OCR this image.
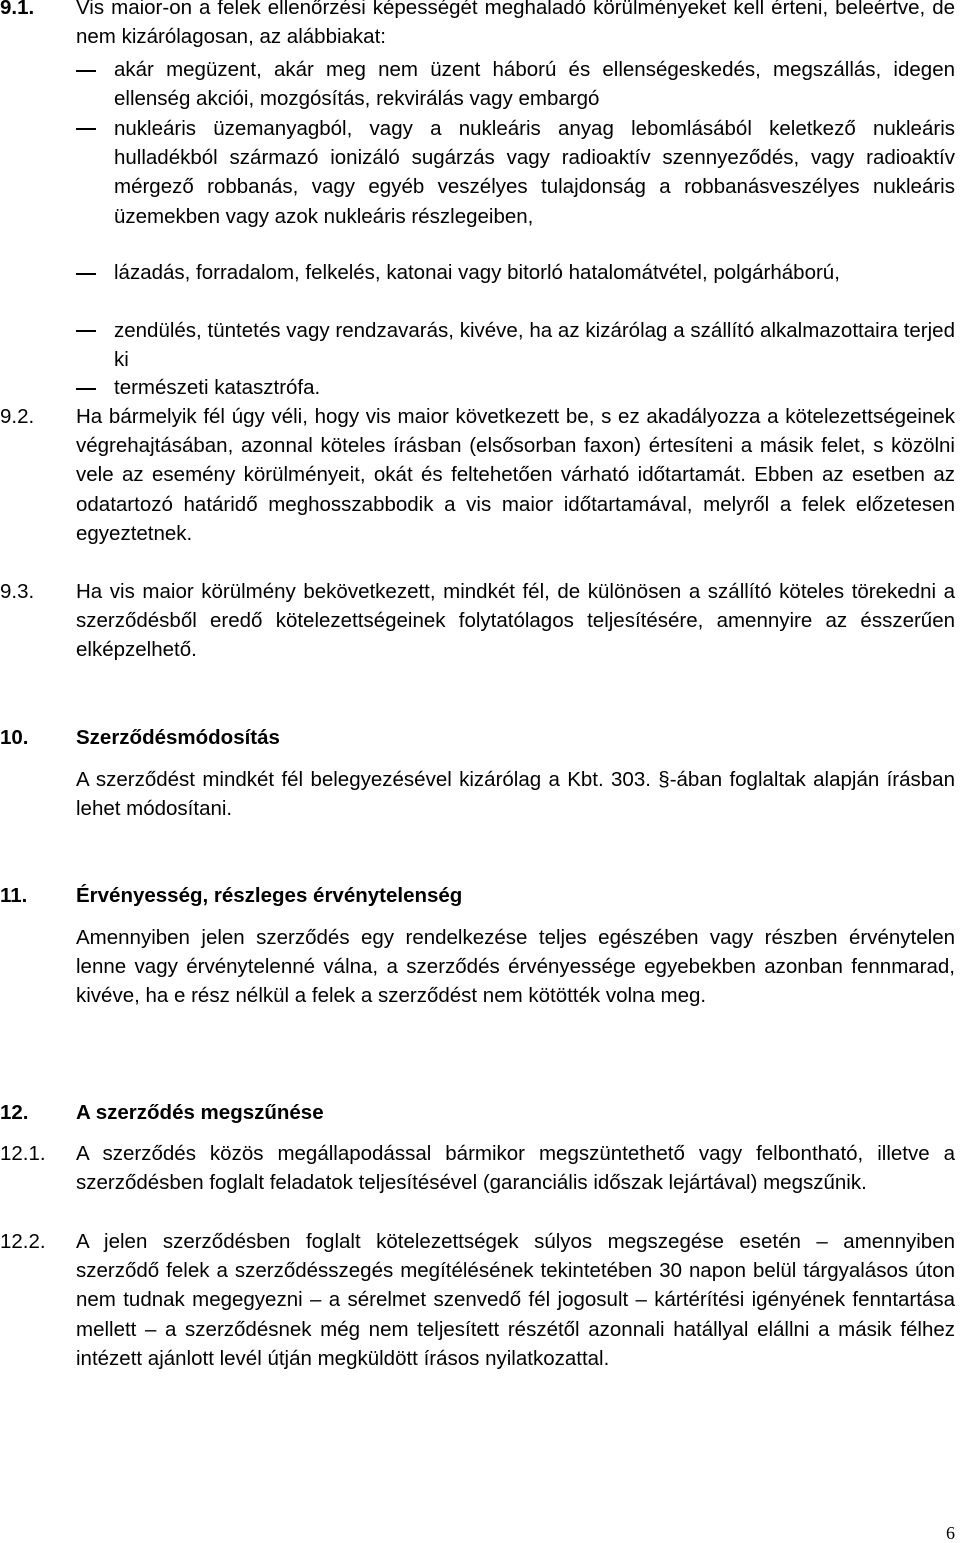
9.1. Vis maior-on a felek ellenőrzési képességét meghaladó körülményeket kell érteni, beleértve, de nem kizárólagosan, az alábbiakat:
akár megüzent, akár meg nem üzent háború és ellenségeskedés, megszállás, idegen ellenség akciói, mozgósítás, rekvirálás vagy embargó
nukleáris üzemanyagból, vagy a nukleáris anyag lebomlásából keletkező nukleáris hulladékból származó ionizáló sugárzás vagy radioaktív szennyeződés, vagy radioaktív mérgező robbanás, vagy egyéb veszélyes tulajdonság a robbanásveszélyes nukleáris üzemekben vagy azok nukleáris részlegeiben,
lázadás, forradalom, felkelés, katonai vagy bitorló hatalomátvétel, polgárháború,
zendülés, tüntetés vagy rendzavarás, kivéve, ha az kizárólag a szállító alkalmazottaira terjed ki
természeti katasztrófa.
9.2. Ha bármelyik fél úgy véli, hogy vis maior következett be, s ez akadályozza a kötelezettségeinek végrehajtásában, azonnal köteles írásban (elsősorban faxon) értesíteni a másik felet, s közölni vele az esemény körülményeit, okát és feltehetően várható időtartamát. Ebben az esetben az odatartozó határidő meghosszabbodik a vis maior időtartamával, melyről a felek előzetesen egyeztetnek.
9.3. Ha vis maior körülmény bekövetkezett, mindkét fél, de különösen a szállító köteles törekedni a szerződésből eredő kötelezettségeinek folytatólagos teljesítésére, amennyire az ésszerűen elképzelhető.
10. Szerződésmódosítás
A szerződést mindkét fél belegyezésével kizárólag a Kbt. 303. §-ában foglaltak alapján írásban lehet módosítani.
11. Érvényesség, részleges érvénytelenség
Amennyiben jelen szerződés egy rendelkezése teljes egészében vagy részben érvénytelen lenne vagy érvénytelenné válna, a szerződés érvényessége egyebekben azonban fennmarad, kivéve, ha e rész nélkül a felek a szerződést nem kötötték volna meg.
12. A szerződés megszűnése
12.1. A szerződés közös megállapodással bármikor megszüntethető vagy felbontható, illetve a szerződésben foglalt feladatok teljesítésével (garanciális időszak lejártával) megszűnik.
12.2. A jelen szerződésben foglalt kötelezettségek súlyos megszegése esetén – amennyiben szerződő felek a szerződésszegés megítélésének tekintetében 30 napon belül tárgyalásos úton nem tudnak megegyezni – a sérelmet szenvedő fél jogosult – kártérítési igényének fenntartása mellett – a szerződésnek még nem teljesített részétől azonnali hatállyal elállni a másik félhez intézett ajánlott levél útján megküldött írásos nyilatkozattal.
6
